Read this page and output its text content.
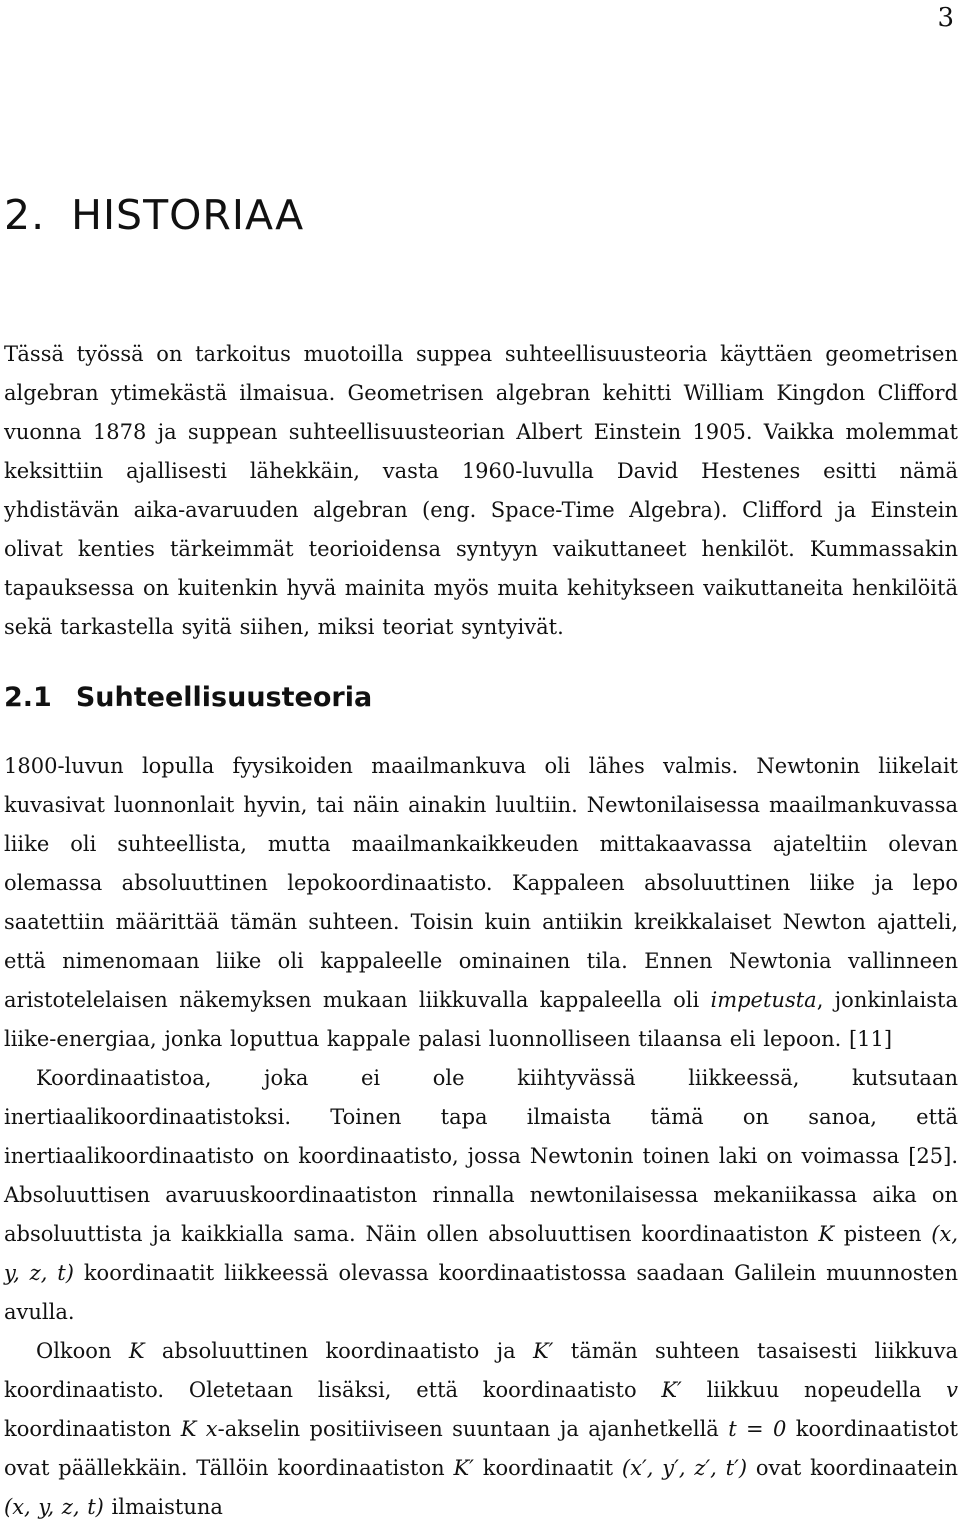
3
2. HISTORIAA

Tässä työssä on tarkoitus muotoilla suppea suhteellisuusteoria käyttäen geometrisen algebran ytimekästä ilmaisua. Geometrisen algebran kehitti William Kingdon Clifford vuonna 1878 ja suppean suhteellisuusteorian Albert Einstein 1905. Vaikka molemmat keksittiin ajallisesti lähekkäin, vasta 1960-luvulla David Hestenes esitti nämä yhdistävän aika-avaruuden algebran (eng. Space-Time Algebra). Clifford ja Einstein olivat kenties tärkeimmät teorioidensa syntyyn vaikuttaneet henkilöt. Kummassakin tapauksessa on kuitenkin hyvä mainita myös muita kehitykseen vaikuttaneita henkilöitä sekä tarkastella syitä siihen, miksi teoriat syntyivät.

2.1 Suhteellisuusteoria

1800-luvun lopulla fyysikoiden maailmankuva oli lähes valmis. Newtonin liikelait kuvasivat luonnonlait hyvin, tai näin ainakin luultiin. Newtonilaisessa maailmankuvassa liike oli suhteellista, mutta maailmankaikkeuden mittakaavassa ajateltiin olevan olemassa absoluuttinen lepokoordinaatisto. Kappaleen absoluuttinen liike ja lepo saatettiin määrittää tämän suhteen. Toisin kuin antiikin kreikkalaiset Newton ajatteli, että nimenomaan liike oli kappaleelle ominainen tila. Ennen Newtonia vallinneen aristotelelaisen näkemyksen mukaan liikkuvalla kappaleella oli impetusta, jonkinlaista liike-energiaa, jonka loputtua kappale palasi luonnolliseen tilaansa eli lepoon. [11]

Koordinaatistoa, joka ei ole kiihtyvässä liikkeessä, kutsutaan inertiaalikoordinaatistoksi. Toinen tapa ilmaista tämä on sanoa, että inertiaalikoordinaatisto on koordinaatisto, jossa Newtonin toinen laki on voimassa [25]. Absoluuttisen avaruuskoordinaatiston rinnalla newtonilaisessa mekaniikassa aika on absoluuttista ja kaikkialla sama. Näin ollen absoluuttisen koordinaatiston K pisteen (x, y, z, t) koordinaatit liikkeessä olevassa koordinaatistossa saadaan Galilein muunnosten avulla.

Olkoon K absoluuttinen koordinaatisto ja K′ tämän suhteen tasaisesti liikkuva koordinaatisto. Oletetaan lisäksi, että koordinaatisto K′ liikkuu nopeudella v koordinaatiston K x-akselin positiiviseen suuntaan ja ajanhetkellä t = 0 koordinaatistot ovat päällekkäin. Tällöin koordinaatiston K′ koordinaatit (x′, y′, z′, t′) ovat koordinaatein (x, y, z, t) ilmaistuna
